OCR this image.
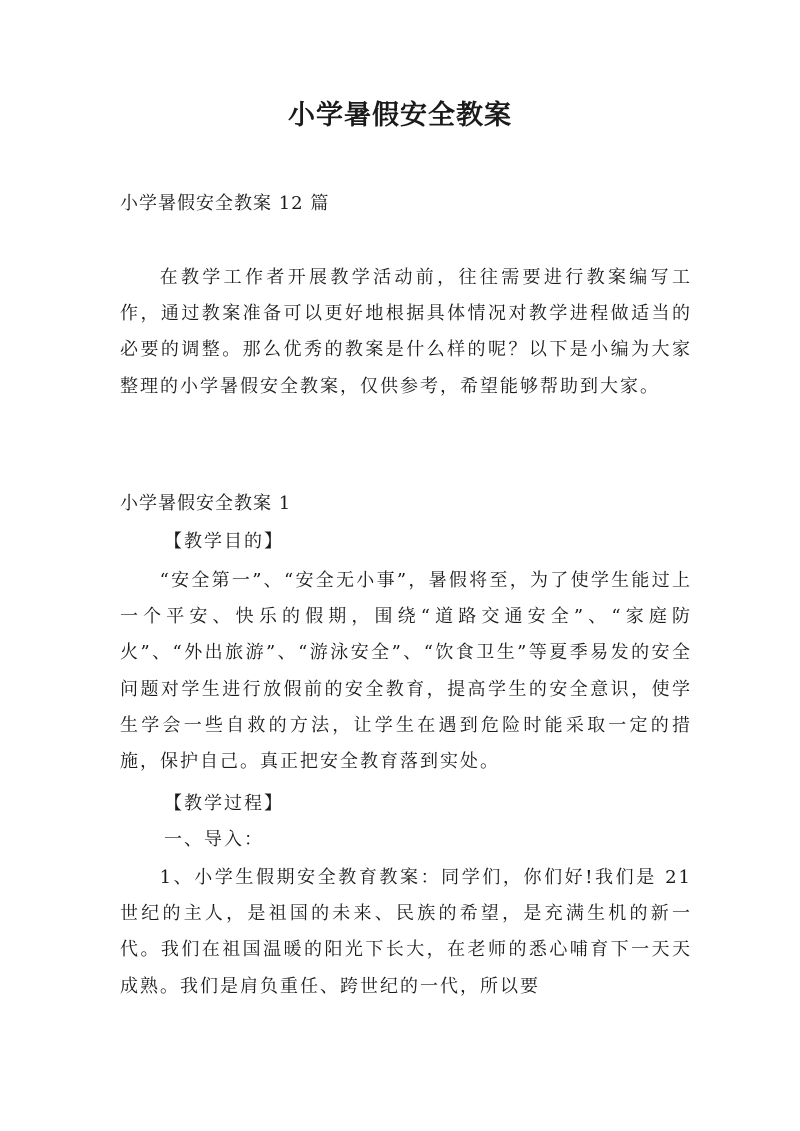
小学暑假安全教案
小学暑假安全教案 12 篇

在教学工作者开展教学活动前，往往需要进行教案编写工作，通过教案准备可以更好地根据具体情况对教学进程做适当的必要的调整。那么优秀的教案是什么样的呢？以下是小编为大家整理的小学暑假安全教案，仅供参考，希望能够帮助到大家。

小学暑假安全教案 1
【教学目的】

“安全第一”、“安全无小事”，暑假将至，为了使学生能过上一个平安、快乐的假期，围绕“道路交通安全”、“家庭防火”、“外出旅游”、“游泳安全”、“饮食卫生”等夏季易发的安全问题对学生进行放假前的安全教育，提高学生的安全意识，使学生学会一些自救的方法，让学生在遇到危险时能采取一定的措施，保护自己。真正把安全教育落到实处。

【教学过程】
一、导入：

1、小学生假期安全教育教案：同学们，你们好!我们是 21 世纪的主人，是祖国的未来、民族的希望，是充满生机的新一代。我们在祖国温暖的阳光下长大，在老师的悉心哺育下一天天成熟。我们是肩负重任、跨世纪的一代，所以要
